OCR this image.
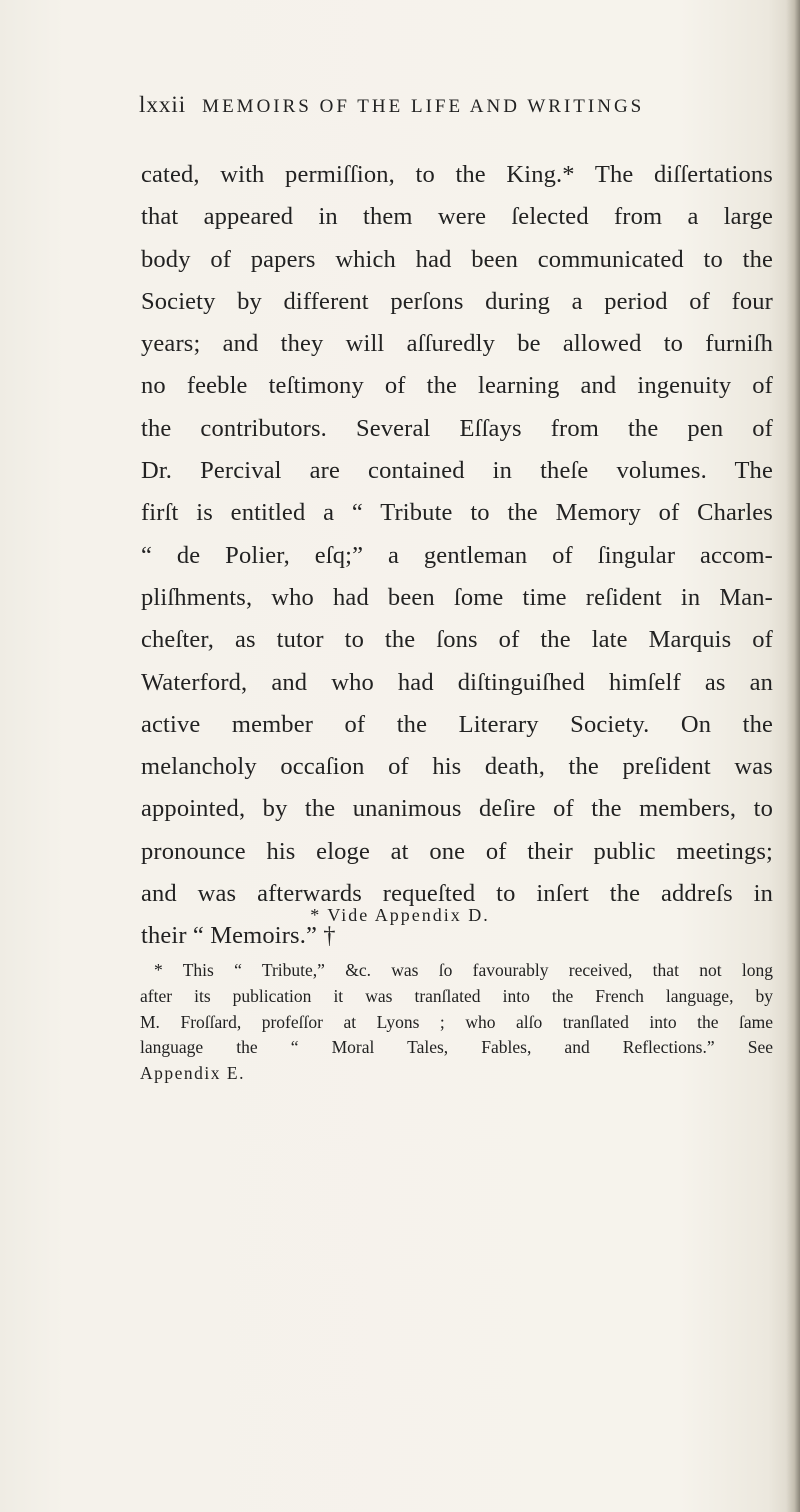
lxxii MEMOIRS OF THE LIFE AND WRITINGS
cated, with permiſſion, to the King.* The diſſertations
that appeared in them were ſelected from a large
body of papers which had been communicated to the
Society by different perſons during a period of four
years; and they will aſſuredly be allowed to furniſh
no feeble teſtimony of the learning and ingenuity of
the contributors. Several Eſſays from the pen of
Dr. Percival are contained in theſe volumes. The
firſt is entitled a “ Tribute to the Memory of Charles
“ de Polier, eſq;” a gentleman of ſingular accom-
pliſhments, who had been ſome time reſident in Man-
cheſter, as tutor to the ſons of the late Marquis of
Waterford, and who had diſtinguiſhed himſelf as an
active member of the Literary Society. On the
melancholy occaſion of his death, the preſident was
appointed, by the unanimous deſire of the members, to
pronounce his eloge at one of their public meetings;
and was afterwards requeſted to inſert the addreſs in
their “ Memoirs.” †
* Vide Appendix D.
* This “ Tribute,” &c. was ſo favourably received, that not long
after its publication it was tranſlated into the French language, by
M. Froſſard, profeſſor at Lyons ; who alſo tranſlated into the ſame
language the “ Moral Tales, Fables, and Reflections.” See
Appendix E.
